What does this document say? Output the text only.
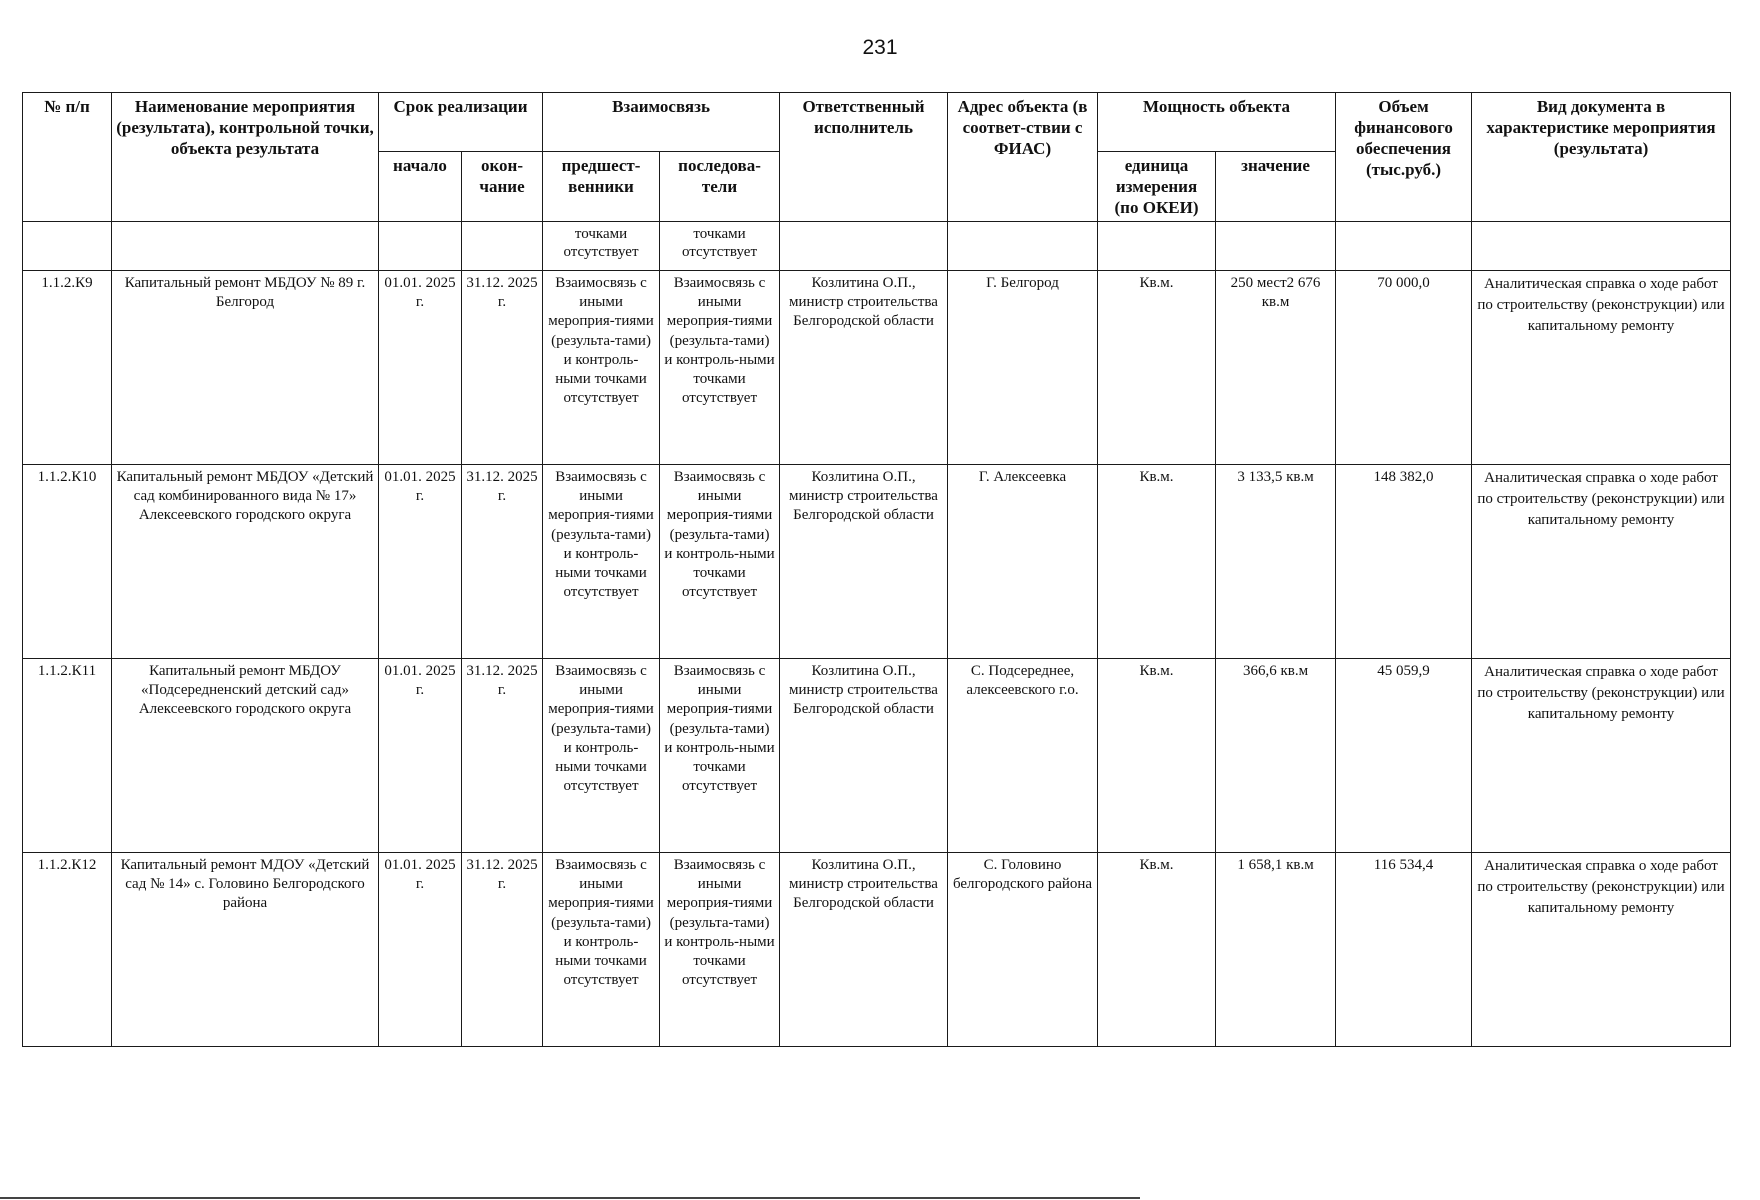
231
№ п/п	Наименование мероприятия (результата), контрольной точки, объекта результата	Срок реализации		Взаимосвязь		Ответственный исполнитель	Адрес объекта (в соответ-ствии с ФИАС)	Мощность объекта		Объем финансового обеспечения (тыс.руб.)	Вид документа в характеристике мероприятия (результата)
		начало	окон-чание	предшест-венники	последова-тели			единица измерения (по ОКЕИ)	значение		
				точками отсутствует	точками отсутствует						
1.1.2.К9	Капитальный ремонт МБДОУ № 89 г. Белгород	01.01. 2025 г.	31.12. 2025 г.	Взаимосвязь с иными мероприя-тиями (результа-тами) и контроль-ными точками отсутствует	Взаимосвязь с иными мероприя-тиями (результа-тами) и контроль-ными точками отсутствует	Козлитина О.П., министр строительства Белгородской области	Г. Белгород	Кв.м.	250 мест2 676 кв.м	70 000,0	Аналитическая справка о ходе работ по строительству (реконструкции) или капитальному ремонту
1.1.2.К10	Капитальный ремонт МБДОУ «Детский сад комбинированного вида № 17» Алексеевского городского округа	01.01. 2025 г.	31.12. 2025 г.	Взаимосвязь с иными мероприя-тиями (результа-тами) и контроль-ными точками отсутствует	Взаимосвязь с иными мероприя-тиями (результа-тами) и контроль-ными точками отсутствует	Козлитина О.П., министр строительства Белгородской области	Г. Алексеевка	Кв.м.	3 133,5 кв.м	148 382,0	Аналитическая справка о ходе работ по строительству (реконструкции) или капитальному ремонту
1.1.2.К11	Капитальный ремонт МБДОУ «Подсередненский детский сад» Алексеевского городского округа	01.01. 2025 г.	31.12. 2025 г.	Взаимосвязь с иными мероприя-тиями (результа-тами) и контроль-ными точками отсутствует	Взаимосвязь с иными мероприя-тиями (результа-тами) и контроль-ными точками отсутствует	Козлитина О.П., министр строительства Белгородской области	С. Подсереднее, алексеевского г.о.	Кв.м.	366,6 кв.м	45 059,9	Аналитическая справка о ходе работ по строительству (реконструкции) или капитальному ремонту
1.1.2.К12	Капитальный ремонт МДОУ «Детский сад № 14» с. Головино Белгородского района	01.01. 2025 г.	31.12. 2025 г.	Взаимосвязь с иными мероприя-тиями (результа-тами) и контроль-ными точками отсутствует	Взаимосвязь с иными мероприя-тиями (результа-тами) и контроль-ными точками отсутствует	Козлитина О.П., министр строительства Белгородской области	С. Головино белгородского района	Кв.м.	1 658,1 кв.м	116 534,4	Аналитическая справка о ходе работ по строительству (реконструкции) или капитальному ремонту
